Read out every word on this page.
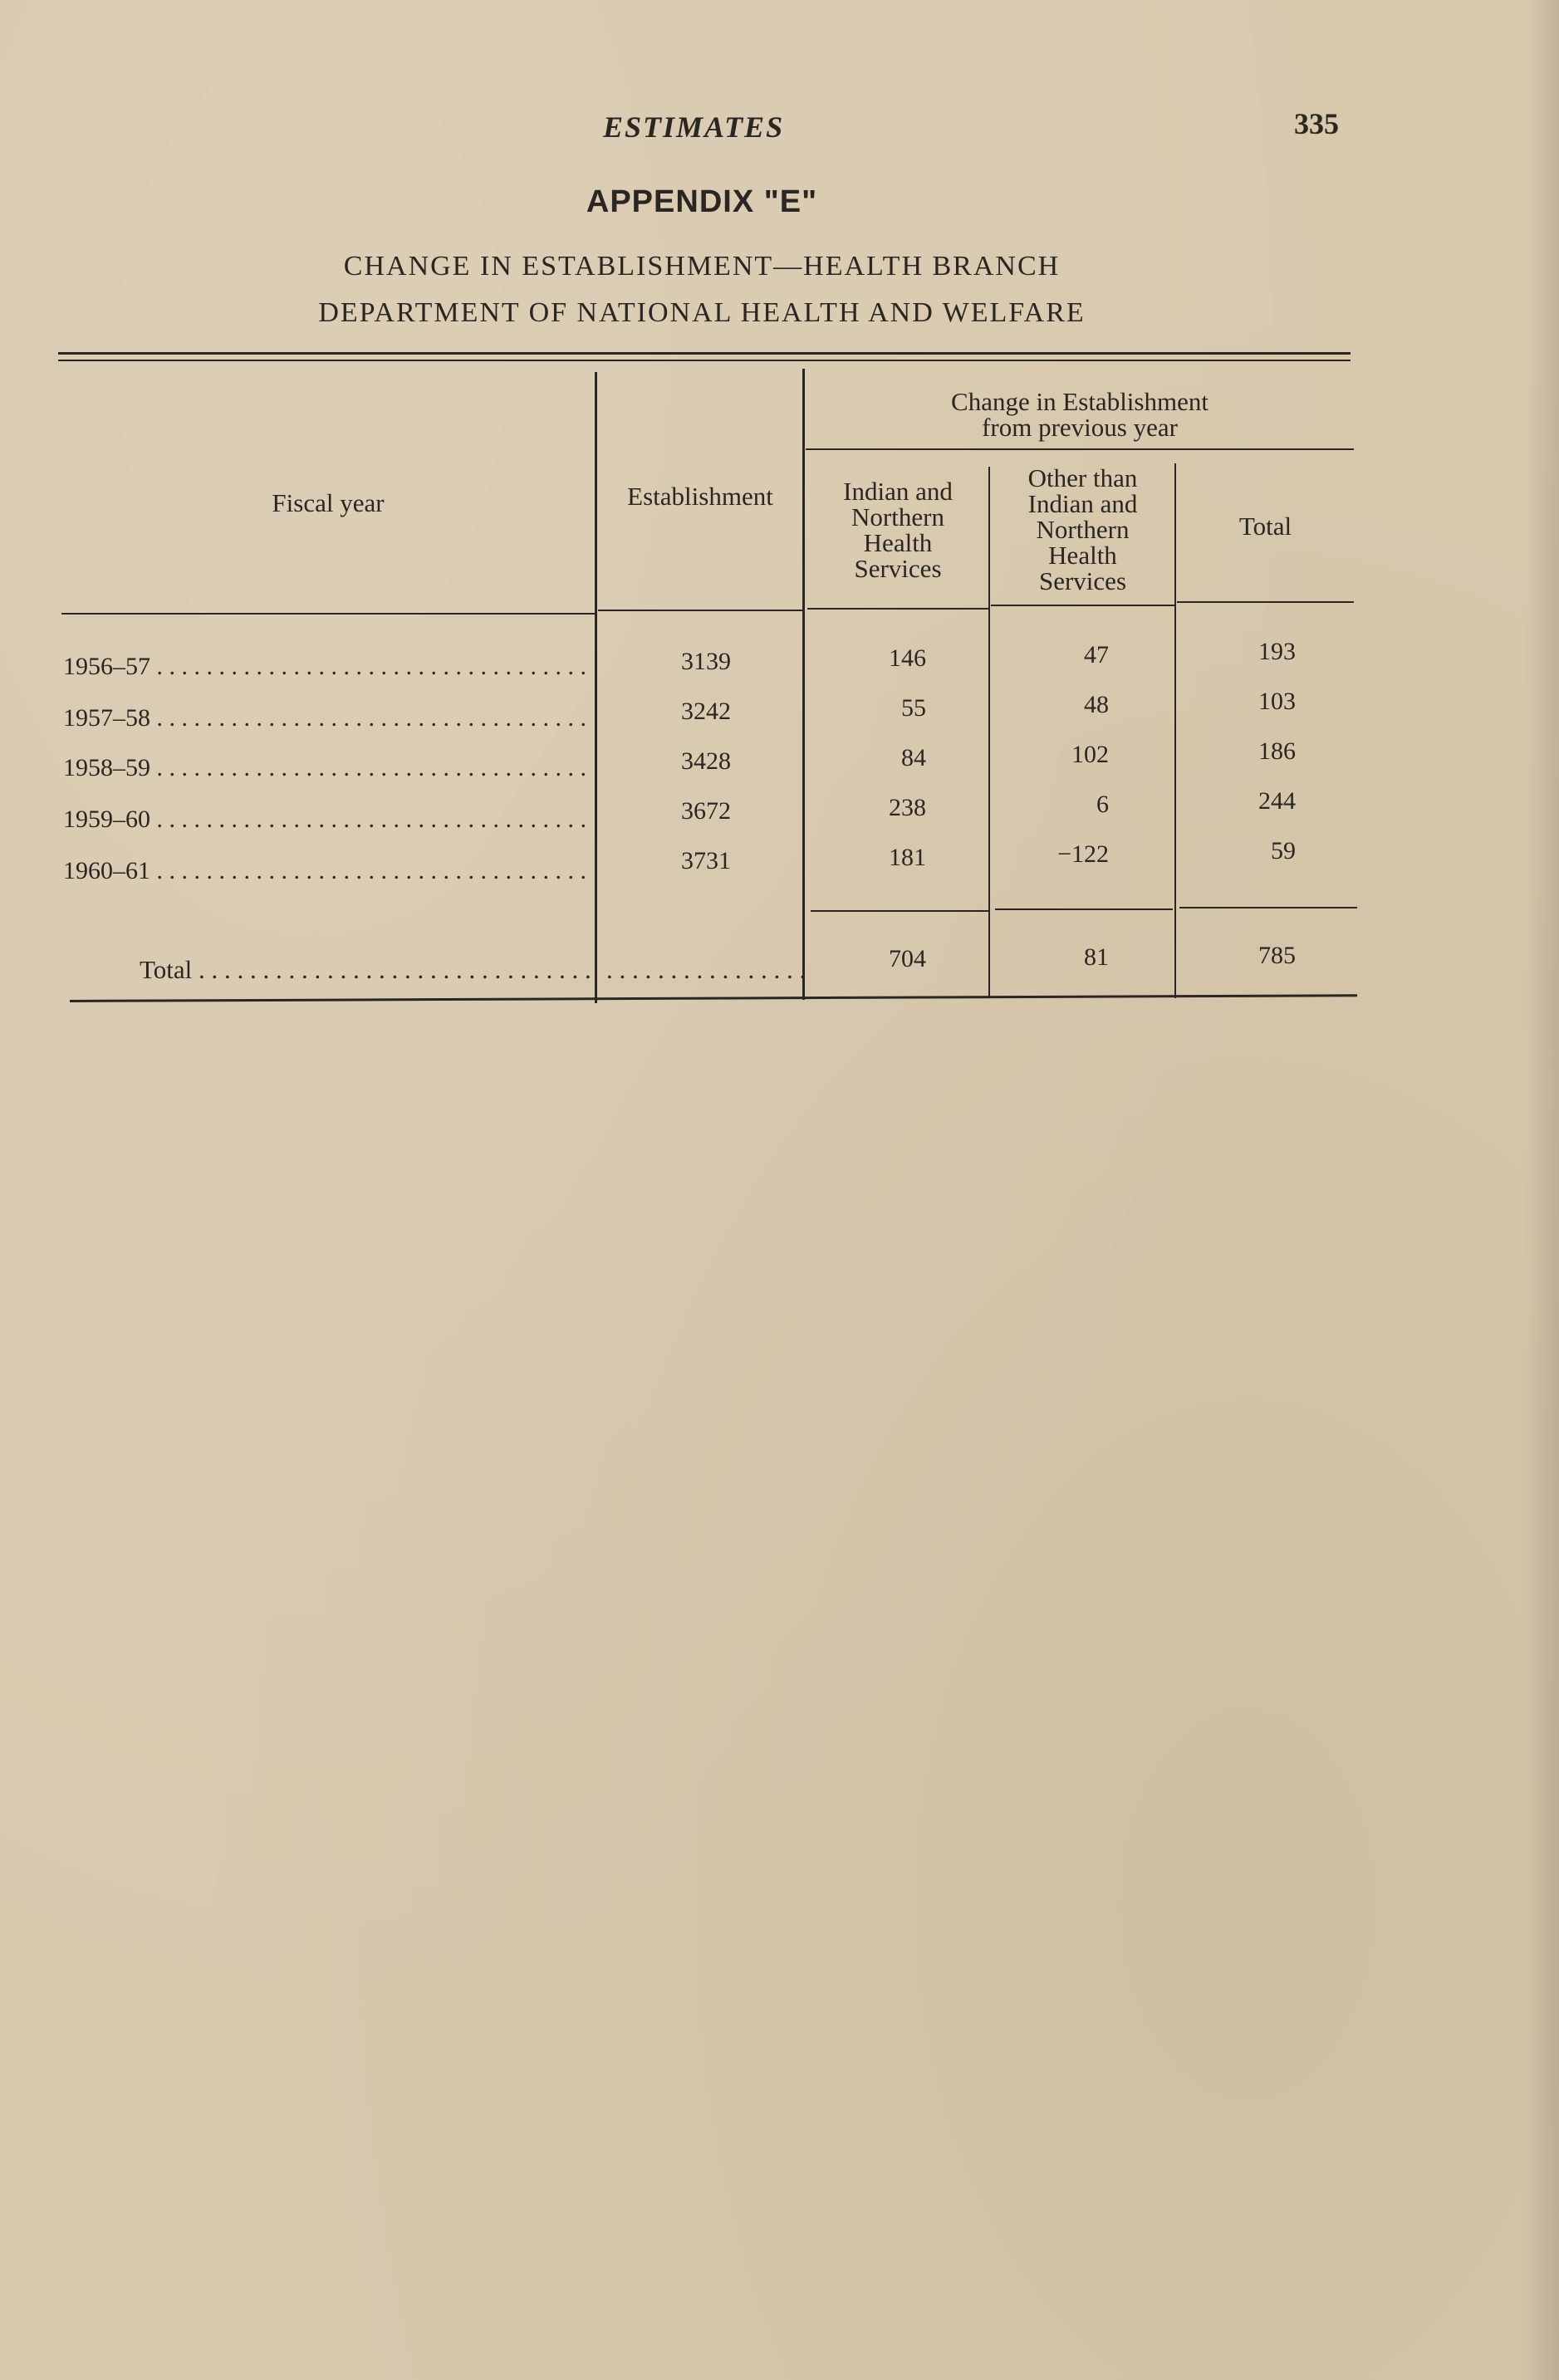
ESTIMATES	335
APPENDIX "E"
CHANGE IN ESTABLISHMENT—HEALTH BRANCH
DEPARTMENT OF NATIONAL HEALTH AND WELFARE
Fiscal year	Establishment
Change in Establishment
from previous year
Indian and
Northern
Health
Services
Other than
Indian and
Northern
Health
Services
Total
1956–57 . . .	3139	146	47	193
1957–58 . . .	3242	55	48	103
1958–59 . . .	3428	84	102	186
1959–60 . . .	3672	238	6	244
1960–61 . . .	3731	181	−122	59
Total . . .
. . .	704	81	785
